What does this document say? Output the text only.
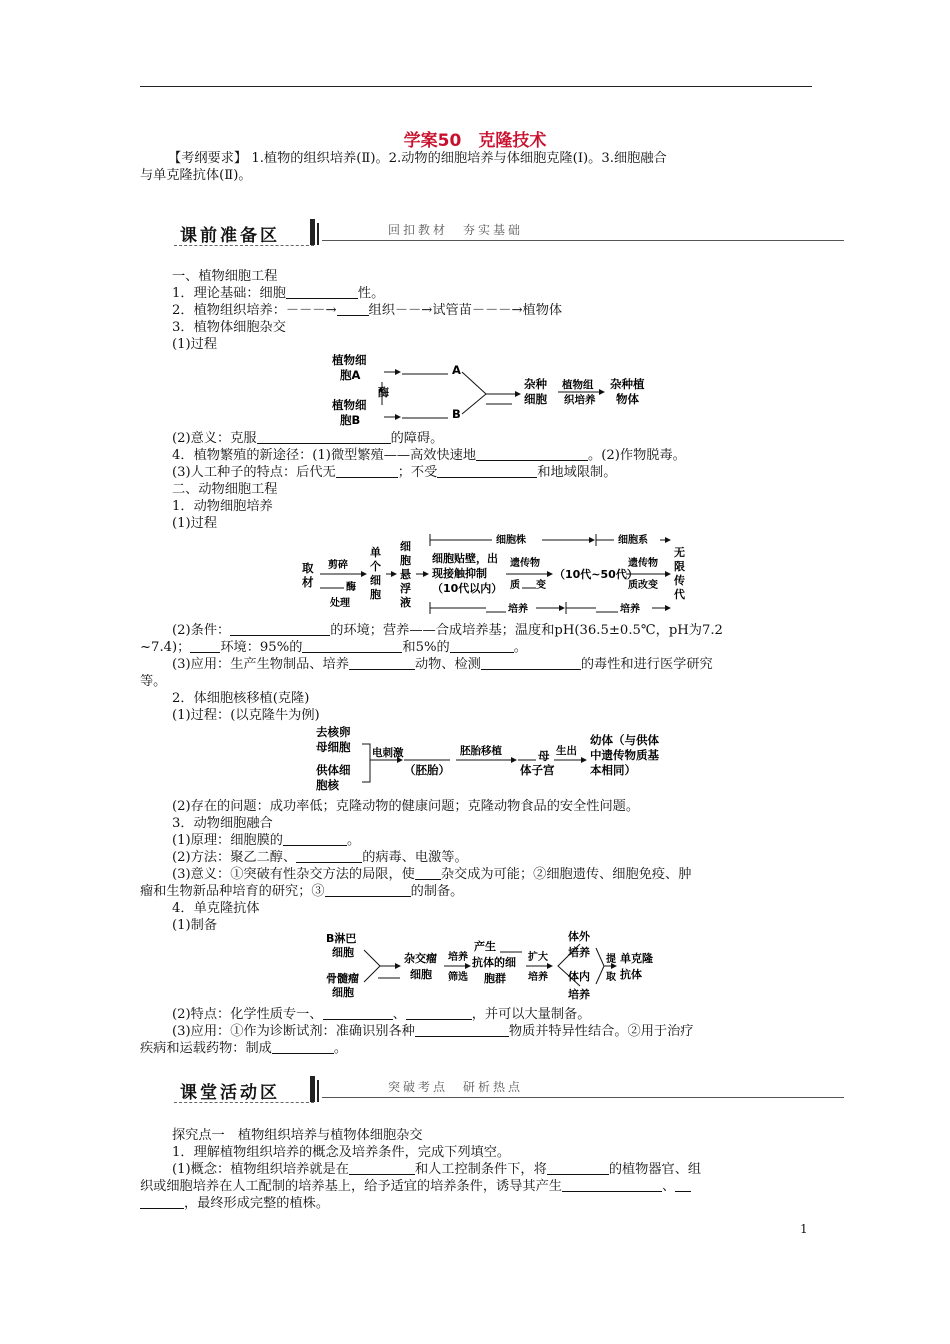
学案50　克隆技术
【考纲要求】 1.植物的组织培养(Ⅱ)。2.动物的细胞培养与体细胞克隆(Ⅰ)。3.细胞融合
与单克隆抗体(Ⅱ)。
课前准备区	回扣教材　夯实基础
一、植物细胞工程
1．理论基础：细胞	性。
2．植物组织培养：－－－→ 组织－－→试管苗－－－→植物体
3．植物体细胞杂交
(1)过程
植物细
胞A
植物细
胞B
酶
A
B
杂种
细胞
植物组
织培养
杂种植
物体
(2)意义：克服	的障碍。
4．植物繁殖的新途径：(1)微型繁殖——高效快速地	。(2)作物脱毒。
(3)人工种子的特点：后代无	；不受	和地域限制。
二、动物细胞工程
1．动物细胞培养
(1)过程
取
材
剪碎
酶
处理
单
个
细
胞
细
胞
悬
浮
液
细胞株	细胞系
细胞贴壁，出
现接触抑制
（10代以内）
遗传物
质 变
（10代~50代）
遗传物
质改变
无
限
传
代
培养	培养
(2)条件：	的环境；营养——合成培养基；温度和pH(36.5±0.5℃，pH为7.2
~7.4)； 环境：95%的	和5%的	。
(3)应用：生产生物制品、培养	动物、检测	的毒性和进行医学研究
等。
2．体细胞核移植(克隆)
(1)过程：(以克隆牛为例)
去核卵
母细胞
供体细
胞核
电刺激
（胚胎）
胚胎移植	母
体子宫
生出
幼体（与供体
中遗传物质基
本相同）
(2)存在的问题：成功率低；克隆动物的健康问题；克隆动物食品的安全性问题。
3．动物细胞融合
(1)原理：细胞膜的	。
(2)方法：聚乙二醇、	的病毒、电激等。
(3)意义：①突破有性杂交方法的局限，使 杂交成为可能；②细胞遗传、细胞免疫、肿
瘤和生物新品种培育的研究；③	的制备。
4．单克隆抗体
(1)制备
B淋巴
细胞
骨髓瘤
细胞
杂交瘤
细胞
培养
筛选
产生
抗体的细
胞群
扩大
培养
体外
培养
体内
培养
提
取
单克隆
抗体
(2)特点：化学性质专一、	、	，并可以大量制备。
(3)应用：①作为诊断试剂：准确识别各种	物质并特异性结合。②用于治疗
疾病和运载药物：制成	。
课堂活动区	突破考点　研析热点
探究点一　植物组织培养与植物体细胞杂交
1．理解植物组织培养的概念及培养条件，完成下列填空。
(1)概念：植物组织培养就是在	和人工控制条件下，将	的植物器官、组
织或细胞培养在人工配制的培养基上，给予适宜的培养条件，诱导其产生	、
，最终形成完整的植株。
1
